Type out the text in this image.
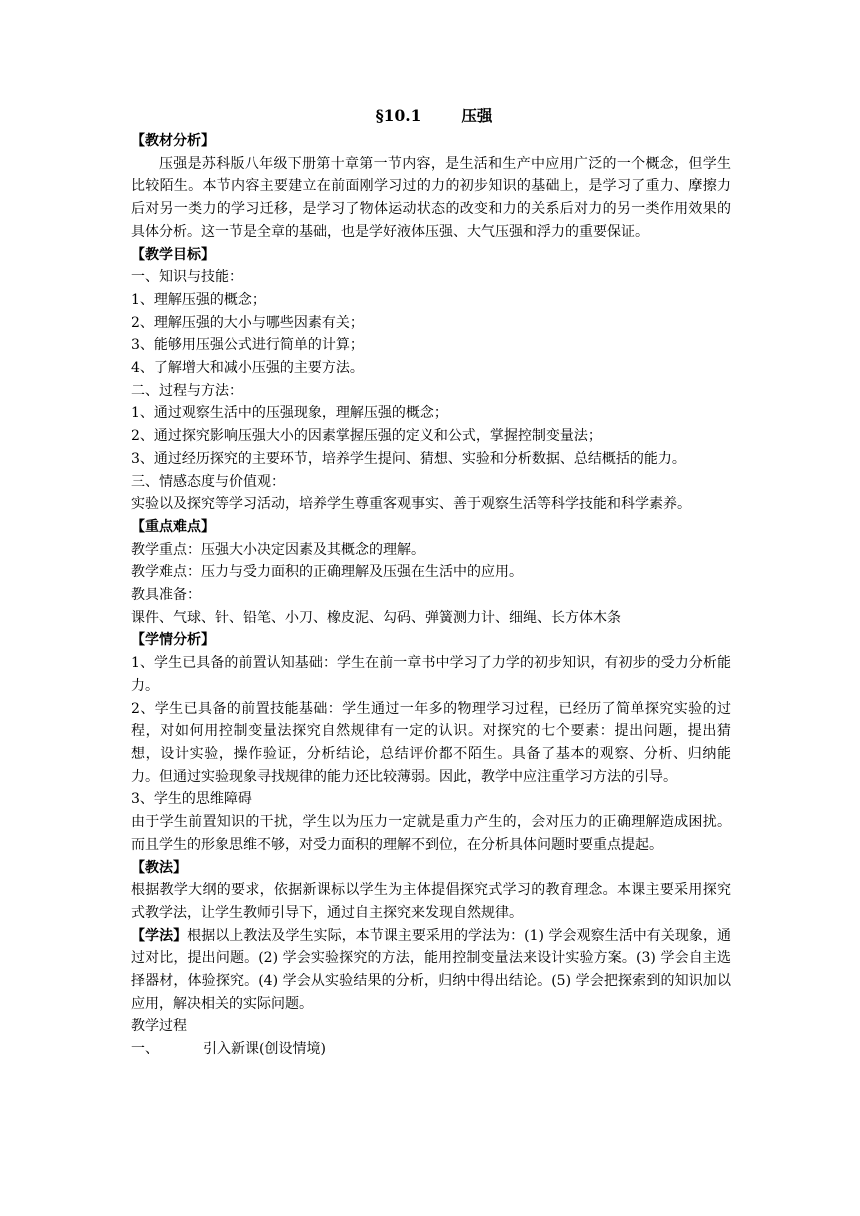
§10.1	压强

【教材分析】

压强是苏科版八年级下册第十章第一节内容，是生活和生产中应用广泛的一个概念，但学生比较陌生。本节内容主要建立在前面刚学习过的力的初步知识的基础上，是学习了重力、摩擦力后对另一类力的学习迁移，是学习了物体运动状态的改变和力的关系后对力的另一类作用效果的具体分析。这一节是全章的基础，也是学好液体压强、大气压强和浮力的重要保证。

【教学目标】

一、知识与技能：

1、理解压强的概念；

2、理解压强的大小与哪些因素有关；

3、能够用压强公式进行简单的计算；

4、了解增大和减小压强的主要方法。

二、过程与方法：

1、通过观察生活中的压强现象，理解压强的概念；

2、通过探究影响压强大小的因素掌握压强的定义和公式，掌握控制变量法；

3、通过经历探究的主要环节，培养学生提问、猜想、实验和分析数据、总结概括的能力。

三、情感态度与价值观：

实验以及探究等学习活动，培养学生尊重客观事实、善于观察生活等科学技能和科学素养。

【重点难点】

教学重点：压强大小决定因素及其概念的理解。

教学难点：压力与受力面积的正确理解及压强在生活中的应用。

教具准备：

课件、气球、针、铅笔、小刀、橡皮泥、勾码、弹簧测力计、细绳、长方体木条

【学情分析】

1、学生已具备的前置认知基础：学生在前一章书中学习了力学的初步知识，有初步的受力分析能力。

2、学生已具备的前置技能基础：学生通过一年多的物理学习过程，已经历了简单探究实验的过程，对如何用控制变量法探究自然规律有一定的认识。对探究的七个要素：提出问题，提出猜想，设计实验，操作验证，分析结论，总结评价都不陌生。具备了基本的观察、分析、归纳能力。但通过实验现象寻找规律的能力还比较薄弱。因此，教学中应注重学习方法的引导。

3、学生的思维障碍

由于学生前置知识的干扰，学生以为压力一定就是重力产生的，会对压力的正确理解造成困扰。而且学生的形象思维不够，对受力面积的理解不到位，在分析具体问题时要重点提起。

【教法】

根据教学大纲的要求，依据新课标以学生为主体提倡探究式学习的教育理念。本课主要采用探究式教学法，让学生教师引导下，通过自主探究来发现自然规律。

【学法】根据以上教法及学生实际，本节课主要采用的学法为：(1) 学会观察生活中有关现象，通过对比，提出问题。(2) 学会实验探究的方法，能用控制变量法来设计实验方案。(3) 学会自主选择器材，体验探究。(4) 学会从实验结果的分析，归纳中得出结论。(5) 学会把探索到的知识加以应用，解决相关的实际问题。

教学过程

一、	引入新课(创设情境)
